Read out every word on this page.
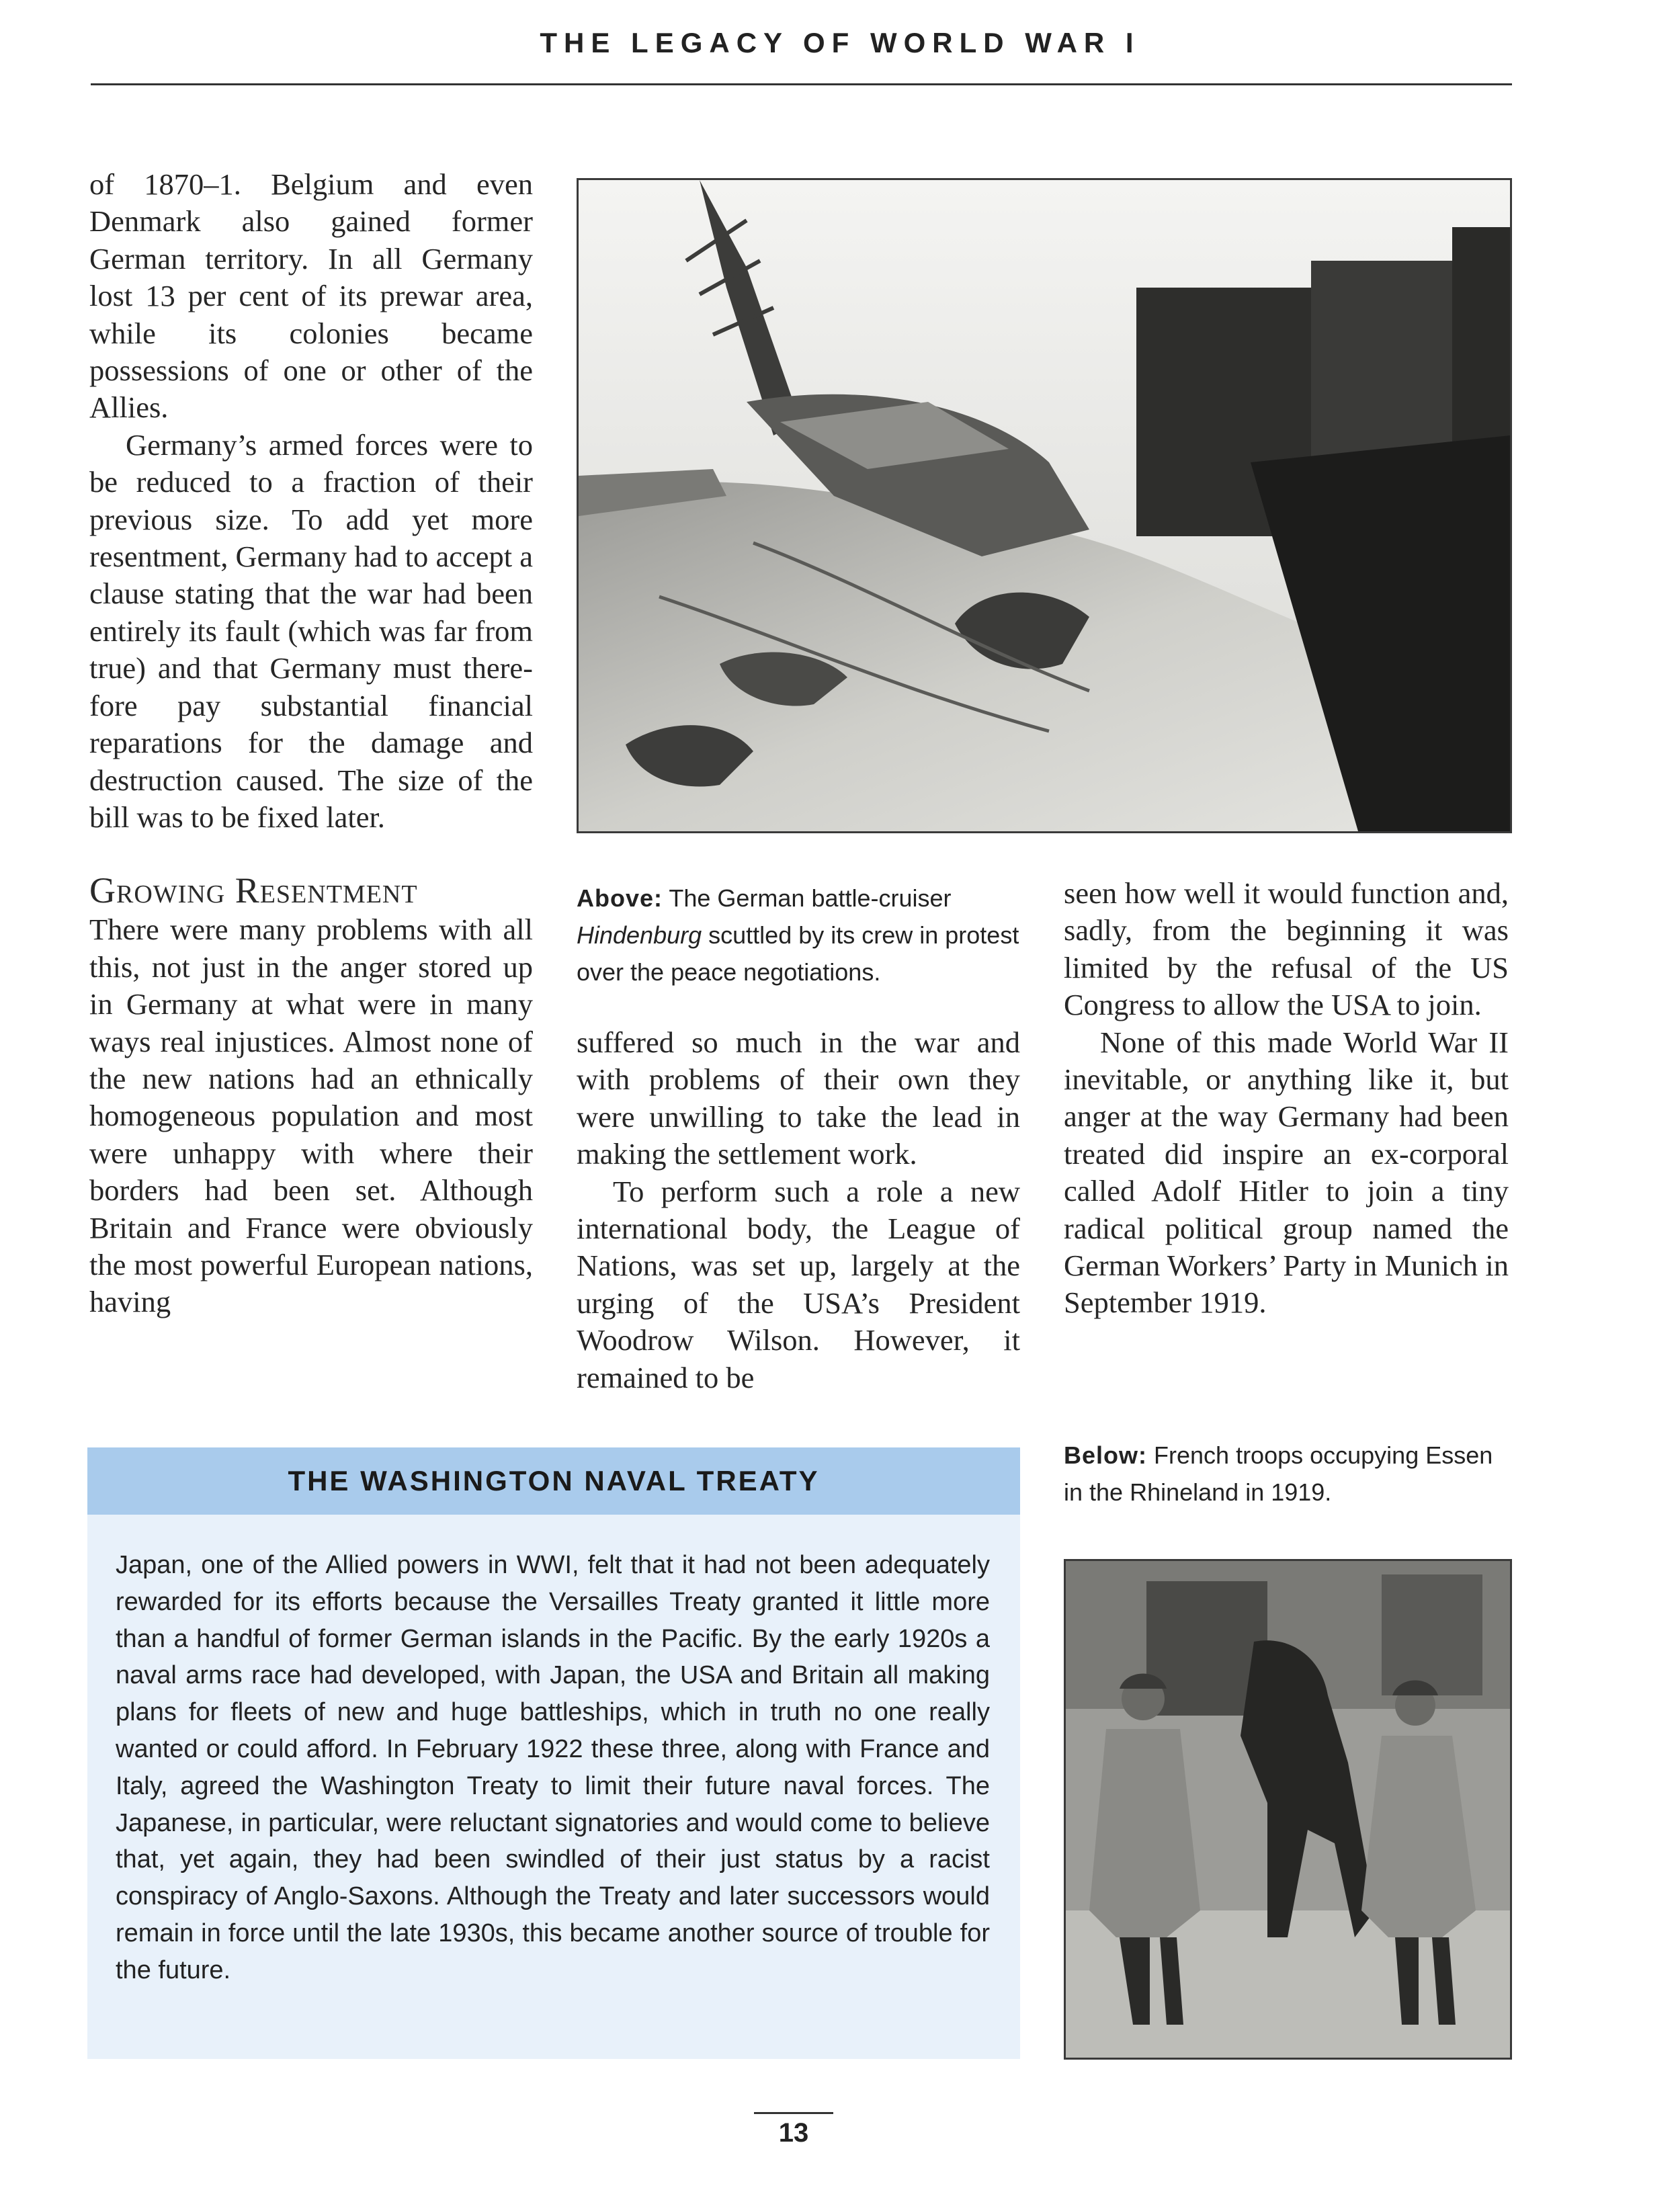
THE LEGACY OF WORLD WAR I

of 1870–1. Belgium and even Denmark also gained former German territory. In all Germany lost 13 per cent of its prewar area, while its colonies became possessions of one or other of the Allies.

Germany’s armed forces were to be reduced to a fraction of their previous size. To add yet more resentment, Germany had to accept a clause stating that the war had been entirely its fault (which was far from true) and that Germany must therefore pay substantial financial reparations for the damage and destruction caused. The size of the bill was to be fixed later.

Growing Resentment

There were many problems with all this, not just in the anger stored up in Germany at what were in many ways real injustices. Almost none of the new nations had an ethnically homogeneous population and most were unhappy with where their borders had been set. Although Britain and France were obviously the most powerful European nations, having

Above: The German battle-cruiser Hindenburg scuttled by its crew in protest over the peace negotiations.

suffered so much in the war and with problems of their own they were unwilling to take the lead in making the settlement work.

To perform such a role a new international body, the League of Nations, was set up, largely at the urging of the USA’s President Woodrow Wilson. However, it remained to be

seen how well it would function and, sadly, from the beginning it was limited by the refusal of the US Congress to allow the USA to join.

None of this made World War II inevitable, or anything like it, but anger at the way Germany had been treated did inspire an ex-corporal called Adolf Hitler to join a tiny radical political group named the German Workers’ Party in Munich in September 1919.

Below: French troops occupying Essen in the Rhineland in 1919.
THE WASHINGTON NAVAL TREATY

Japan, one of the Allied powers in WWI, felt that it had not been adequately rewarded for its efforts because the Versailles Treaty granted it little more than a handful of former German islands in the Pacific. By the early 1920s a naval arms race had developed, with Japan, the USA and Britain all making plans for fleets of new and huge battleships, which in truth no one really wanted or could afford. In February 1922 these three, along with France and Italy, agreed the Washington Treaty to limit their future naval forces. The Japanese, in particular, were reluctant signatories and would come to believe that, yet again, they had been swindled of their just status by a racist conspiracy of Anglo-Saxons. Although the Treaty and later successors would remain in force until the late 1930s, this became another source of trouble for the future.

13
